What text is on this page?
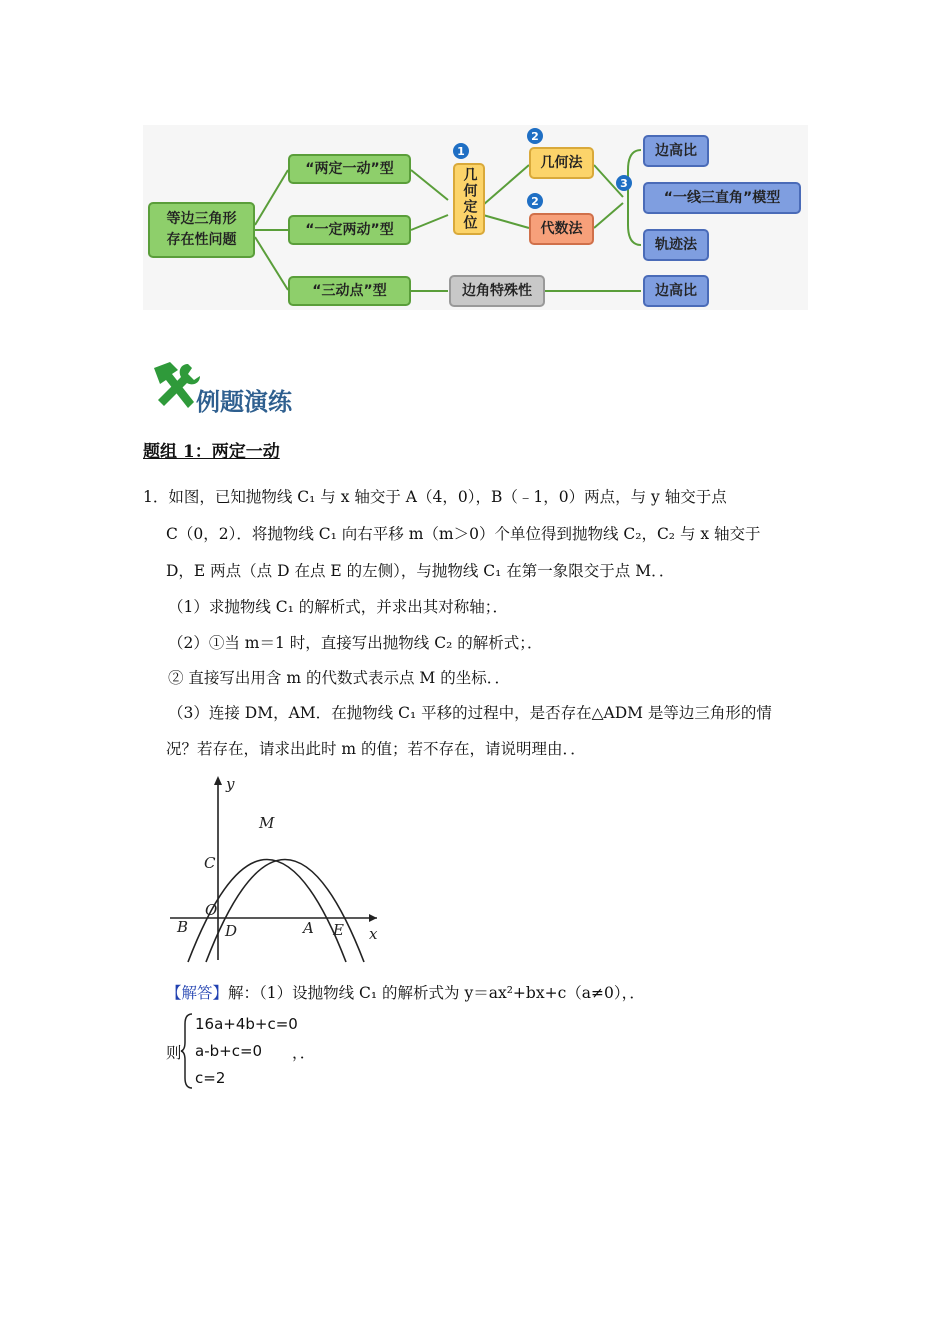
等边三角形
存在性问题
“两定一动”型
“一定两动”型
“三动点”型
1
几何定位
2
几何法
2
代数法
3
边高比
“一线三直角”模型
轨迹法
边角特殊性	边高比
例题演练
题组 1：两定一动
1．如图，已知抛物线 C₁ 与 x 轴交于 A（4，0），B（﹣1，0）两点，与 y 轴交于点
C（0，2）．将抛物线 C₁ 向右平移 m（m＞0）个单位得到抛物线 C₂，C₂ 与 x 轴交于
D，E 两点（点 D 在点 E 的左侧），与抛物线 C₁ 在第一象限交于点 M．．
（1）求抛物线 C₁ 的解析式，并求出其对称轴；．
（2）①当 m＝1 时，直接写出抛物线 C₂ 的解析式；．
② 直接写出用含 m 的代数式表示点 M 的坐标．．
（3）连接 DM，AM．在抛物线 C₁ 平移的过程中，是否存在△ADM 是等边三角形的情
况？若存在，请求出此时 m 的值；若不存在，请说明理由．．
y
x
M
C
O
B D	A E
【解答】解：（1）设抛物线 C₁ 的解析式为 y＝ax²+bx+c（a≠0），．
则
16a+4b+c=0
a-b+c=0
c=2
，．
